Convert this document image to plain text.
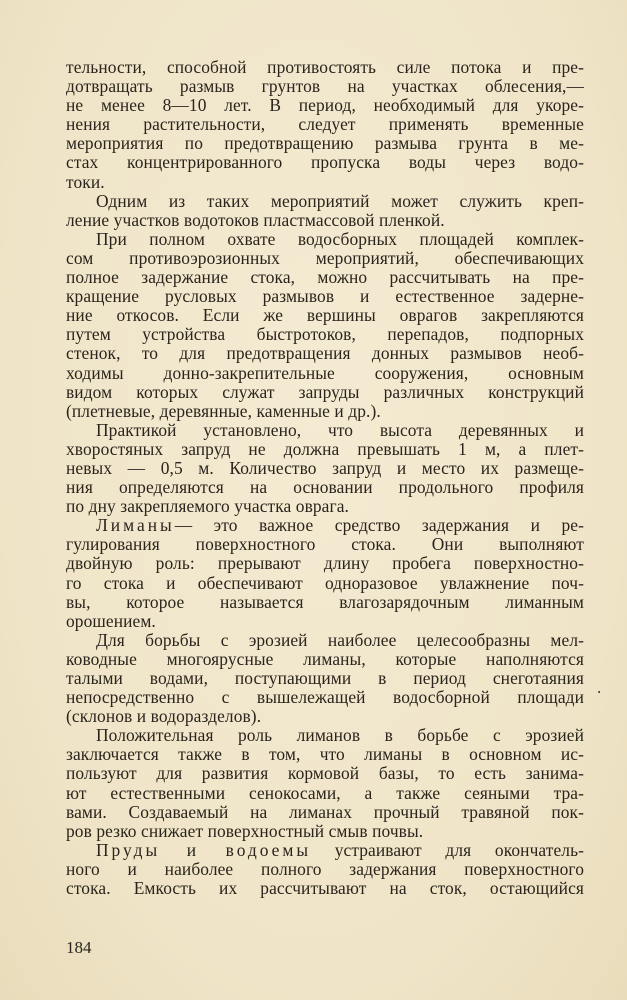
тельности, способной противостоять силе потока и пре-
дотвращать размыв грунтов на участках облесения,—
не менее 8—10 лет. В период, необходимый для укоре-
нения растительности, следует применять временные
мероприятия по предотвращению размыва грунта в ме-
стах концентрированного пропуска воды через водо-
токи.
Одним из таких мероприятий может служить креп-
ление участков водотоков пластмассовой пленкой.
При полном охвате водосборных площадей комплек-
сом противоэрозионных мероприятий, обеспечивающих
полное задержание стока, можно рассчитывать на пре-
кращение русловых размывов и естественное задерне-
ние откосов. Если же вершины оврагов закрепляются
путем устройства быстротоков, перепадов, подпорных
стенок, то для предотвращения донных размывов необ-
ходимы донно-закрепительные сооружения, основным
видом которых служат запруды различных конструкций
(плетневые, деревянные, каменные и др.).
Практикой установлено, что высота деревянных и
хворостяных запруд не должна превышать 1 м, а плет-
невых — 0,5 м. Количество запруд и место их размеще-
ния определяются на основании продольного профиля
по дну закрепляемого участка оврага.
Лиманы— это важное средство задержания и ре-
гулирования поверхностного стока. Они выполняют
двойную роль: прерывают длину пробега поверхностно-
го стока и обеспечивают одноразовое увлажнение поч-
вы, которое называется влагозарядочным лиманным
орошением.
Для борьбы с эрозией наиболее целесообразны мел-
ководные многоярусные лиманы, которые наполняются
талыми водами, поступающими в период снеготаяния
непосредственно с вышележащей водосборной площади
(склонов и водоразделов).
Положительная роль лиманов в борьбе с эрозией
заключается также в том, что лиманы в основном ис-
пользуют для развития кормовой базы, то есть занима-
ют естественными сенокосами, а также сеяными тра-
вами. Создаваемый на лиманах прочный травяной пок-
ров резко снижает поверхностный смыв почвы.
Пруды и водоемы устраивают для окончатель-
ного и наиболее полного задержания поверхностного
стока. Емкость их рассчитывают на сток, остающийся
184
.
